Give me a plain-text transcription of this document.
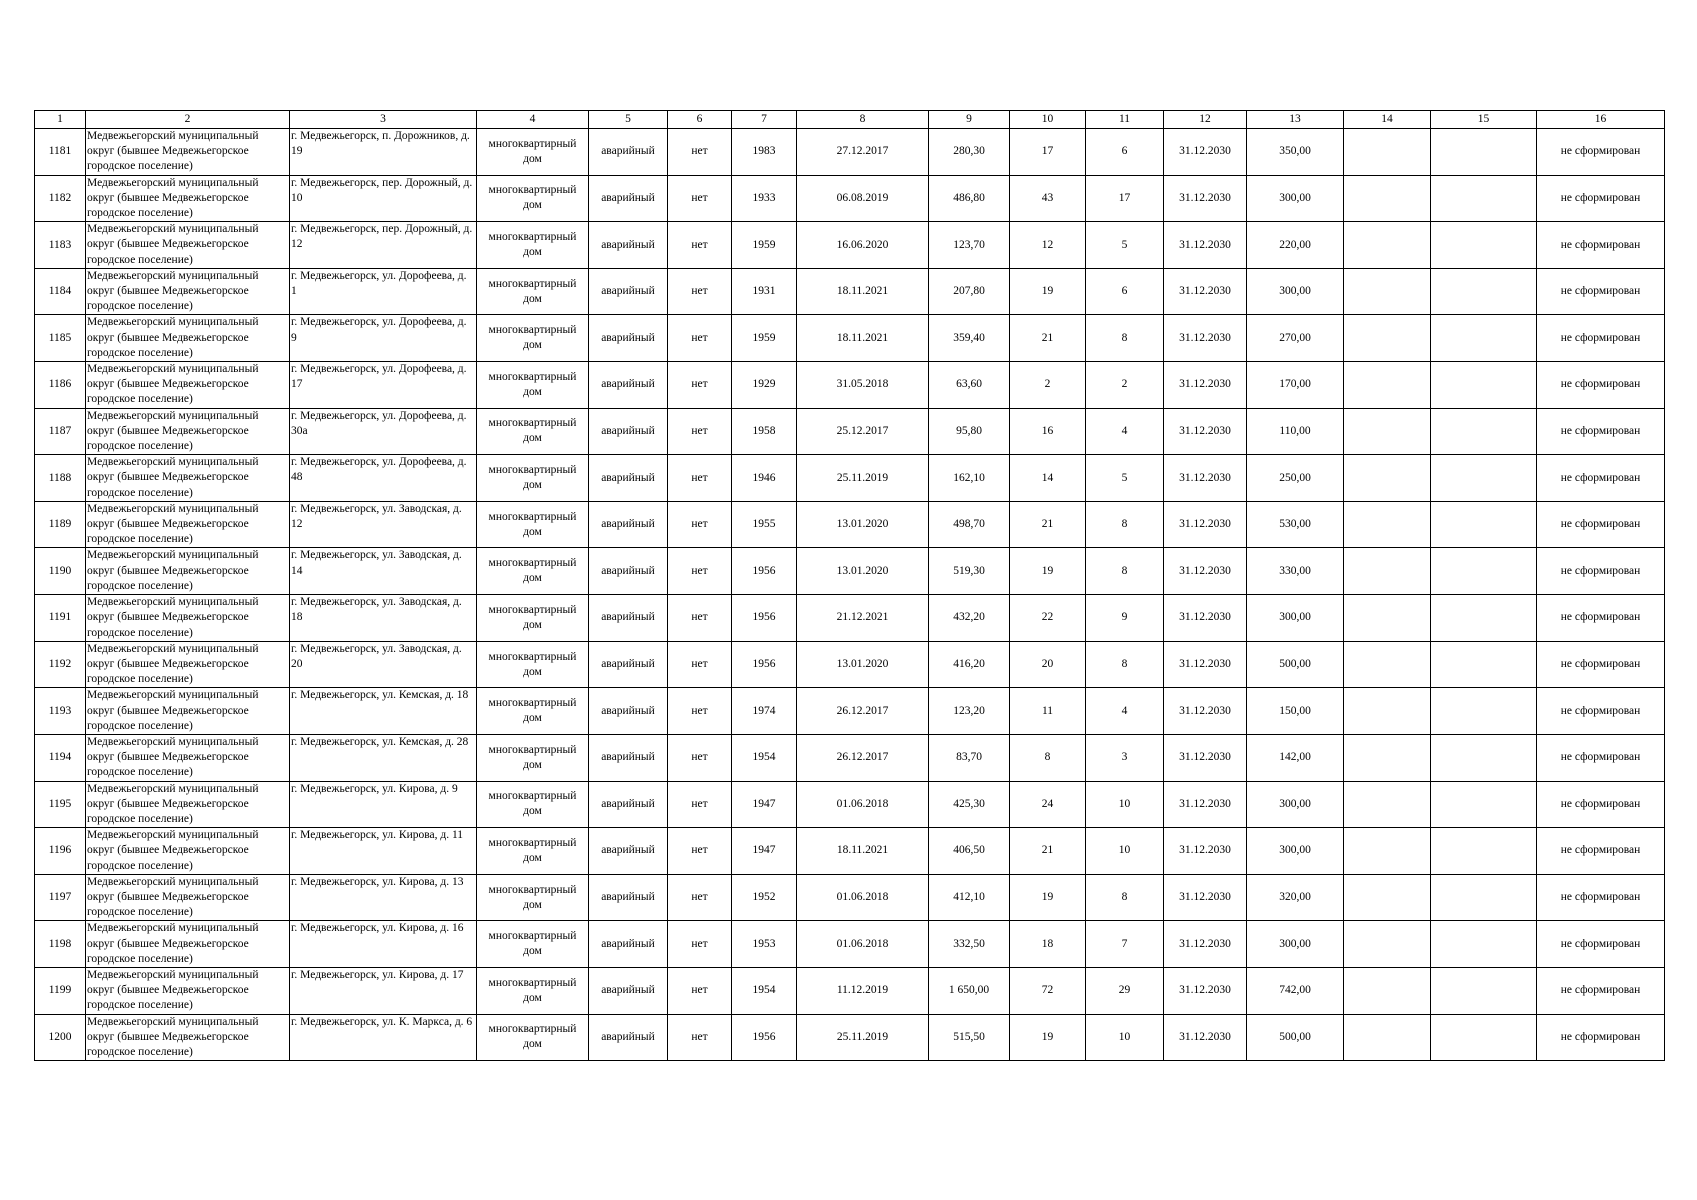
1	2	3	4	5	6	7	8	9	10	11	12	13	14	15	16
1181	Медвежьегорский муниципальный округ (бывшее Медвежьегорское городское поселение)	г. Медвежьегорск, п. Дорожников, д. 19	многоквартирный дом	аварийный	нет	1983	27.12.2017	280,30	17	6	31.12.2030	350,00			не сформирован
1182	Медвежьегорский муниципальный округ (бывшее Медвежьегорское городское поселение)	г. Медвежьегорск, пер. Дорожный, д. 10	многоквартирный дом	аварийный	нет	1933	06.08.2019	486,80	43	17	31.12.2030	300,00			не сформирован
1183	Медвежьегорский муниципальный округ (бывшее Медвежьегорское городское поселение)	г. Медвежьегорск, пер. Дорожный, д. 12	многоквартирный дом	аварийный	нет	1959	16.06.2020	123,70	12	5	31.12.2030	220,00			не сформирован
1184	Медвежьегорский муниципальный округ (бывшее Медвежьегорское городское поселение)	г. Медвежьегорск, ул. Дорофеева, д. 1	многоквартирный дом	аварийный	нет	1931	18.11.2021	207,80	19	6	31.12.2030	300,00			не сформирован
1185	Медвежьегорский муниципальный округ (бывшее Медвежьегорское городское поселение)	г. Медвежьегорск, ул. Дорофеева, д. 9	многоквартирный дом	аварийный	нет	1959	18.11.2021	359,40	21	8	31.12.2030	270,00			не сформирован
1186	Медвежьегорский муниципальный округ (бывшее Медвежьегорское городское поселение)	г. Медвежьегорск, ул. Дорофеева, д. 17	многоквартирный дом	аварийный	нет	1929	31.05.2018	63,60	2	2	31.12.2030	170,00			не сформирован
1187	Медвежьегорский муниципальный округ (бывшее Медвежьегорское городское поселение)	г. Медвежьегорск, ул. Дорофеева, д. 30а	многоквартирный дом	аварийный	нет	1958	25.12.2017	95,80	16	4	31.12.2030	110,00			не сформирован
1188	Медвежьегорский муниципальный округ (бывшее Медвежьегорское городское поселение)	г. Медвежьегорск, ул. Дорофеева, д. 48	многоквартирный дом	аварийный	нет	1946	25.11.2019	162,10	14	5	31.12.2030	250,00			не сформирован
1189	Медвежьегорский муниципальный округ (бывшее Медвежьегорское городское поселение)	г. Медвежьегорск, ул. Заводская, д. 12	многоквартирный дом	аварийный	нет	1955	13.01.2020	498,70	21	8	31.12.2030	530,00			не сформирован
1190	Медвежьегорский муниципальный округ (бывшее Медвежьегорское городское поселение)	г. Медвежьегорск, ул. Заводская, д. 14	многоквартирный дом	аварийный	нет	1956	13.01.2020	519,30	19	8	31.12.2030	330,00			не сформирован
1191	Медвежьегорский муниципальный округ (бывшее Медвежьегорское городское поселение)	г. Медвежьегорск, ул. Заводская, д. 18	многоквартирный дом	аварийный	нет	1956	21.12.2021	432,20	22	9	31.12.2030	300,00			не сформирован
1192	Медвежьегорский муниципальный округ (бывшее Медвежьегорское городское поселение)	г. Медвежьегорск, ул. Заводская, д. 20	многоквартирный дом	аварийный	нет	1956	13.01.2020	416,20	20	8	31.12.2030	500,00			не сформирован
1193	Медвежьегорский муниципальный округ (бывшее Медвежьегорское городское поселение)	г. Медвежьегорск, ул. Кемская, д. 18	многоквартирный дом	аварийный	нет	1974	26.12.2017	123,20	11	4	31.12.2030	150,00			не сформирован
1194	Медвежьегорский муниципальный округ (бывшее Медвежьегорское городское поселение)	г. Медвежьегорск, ул. Кемская, д. 28	многоквартирный дом	аварийный	нет	1954	26.12.2017	83,70	8	3	31.12.2030	142,00			не сформирован
1195	Медвежьегорский муниципальный округ (бывшее Медвежьегорское городское поселение)	г. Медвежьегорск, ул. Кирова, д. 9	многоквартирный дом	аварийный	нет	1947	01.06.2018	425,30	24	10	31.12.2030	300,00			не сформирован
1196	Медвежьегорский муниципальный округ (бывшее Медвежьегорское городское поселение)	г. Медвежьегорск, ул. Кирова, д. 11	многоквартирный дом	аварийный	нет	1947	18.11.2021	406,50	21	10	31.12.2030	300,00			не сформирован
1197	Медвежьегорский муниципальный округ (бывшее Медвежьегорское городское поселение)	г. Медвежьегорск, ул. Кирова, д. 13	многоквартирный дом	аварийный	нет	1952	01.06.2018	412,10	19	8	31.12.2030	320,00			не сформирован
1198	Медвежьегорский муниципальный округ (бывшее Медвежьегорское городское поселение)	г. Медвежьегорск, ул. Кирова, д. 16	многоквартирный дом	аварийный	нет	1953	01.06.2018	332,50	18	7	31.12.2030	300,00			не сформирован
1199	Медвежьегорский муниципальный округ (бывшее Медвежьегорское городское поселение)	г. Медвежьегорск, ул. Кирова, д. 17	многоквартирный дом	аварийный	нет	1954	11.12.2019	1 650,00	72	29	31.12.2030	742,00			не сформирован
1200	Медвежьегорский муниципальный округ (бывшее Медвежьегорское городское поселение)	г. Медвежьегорск, ул. К. Маркса, д. 6	многоквартирный дом	аварийный	нет	1956	25.11.2019	515,50	19	10	31.12.2030	500,00			не сформирован
